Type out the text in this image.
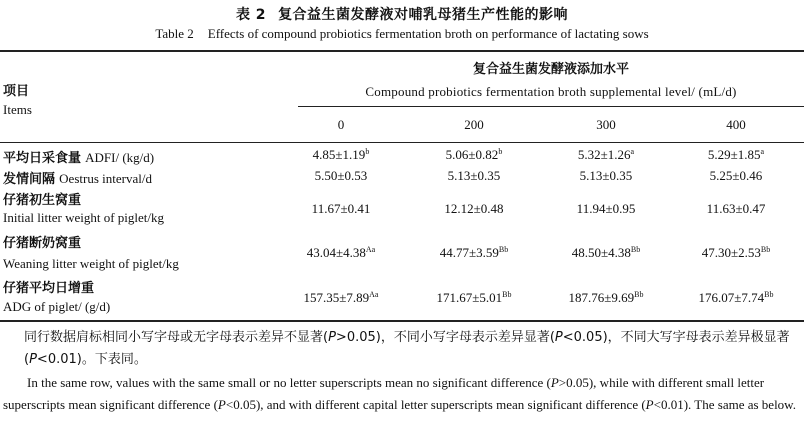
表 2 复合益生菌发酵液对哺乳母猪生产性能的影响
Table 2 Effects of compound probiotics fermentation broth on performance of lactating sows
项目
Items
复合益生菌发酵液添加水平
Compound probiotics fermentation broth supplemental level/ (mL/d)
0	200	300	400
平均日采食量 ADFI/ (kg/d)	4.85±1.19$^b$	5.06±0.82$^b$	5.32±1.26$^a$	5.29±1.85$^a$
发情间隔 Oestrus interval/d	5.50±0.53	5.13±0.35	5.13±0.35	5.25±0.46
仔猪初生窝重
Initial litter weight of piglet/kg
11.67±0.41	12.12±0.48	11.94±0.95	11.63±0.47
仔猪断奶窝重
Weaning litter weight of piglet/kg
$43.04\pm 4.38^{Aa}$	$44.77\pm 3.59^{Bb}$	$48.50\pm 4.38^{Bb}$	$47.30\pm 2.53^{Bb}$
仔猪平均日增重
ADG of piglet/ (g/d)
$157.35\pm 7.89^{Aa}$	$171.67\pm 5.01^{Bb}$	$187.76\pm 9.69^{Bb}$	$176.07\pm 7.74^{Bb}$
同行数据肩标相同小写字母或无字母表示差异不显著(P>0.05)，不同小写字母表示差异显著(P<0.05)，不同大写字母表示差异极显著(P<0.01)。下表同。
In the same row, values with the same small or no letter superscripts mean no significant difference (P>0.05), while with different small letter superscripts mean significant difference (P<0.05), and with different capital letter superscripts mean significant difference (P<0.01). The same as below.
